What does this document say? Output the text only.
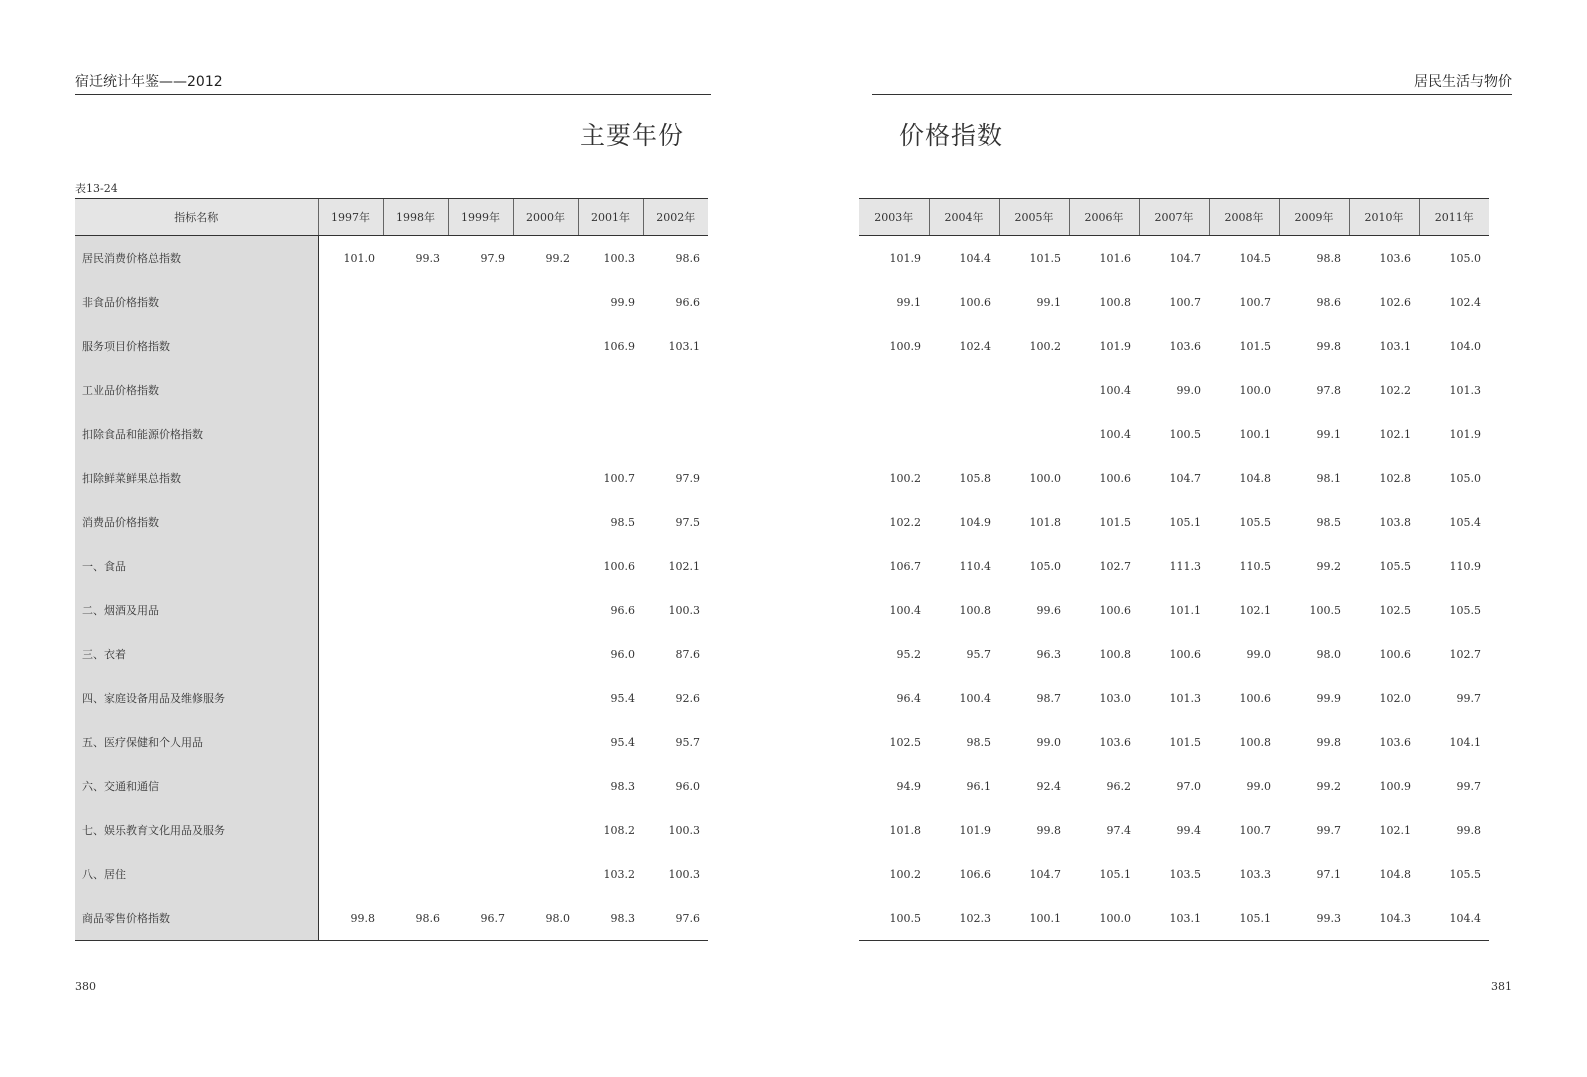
宿迁统计年鉴——2012
主要年份
表13-24
指标名称	1997年	1998年	1999年	2000年	2001年	2002年
居民消费价格总指数	101.0	99.3	97.9	99.2	100.3	98.6
非食品价格指数					99.9	96.6
服务项目价格指数					106.9	103.1
工业品价格指数						
扣除食品和能源价格指数						
扣除鲜菜鲜果总指数					100.7	97.9
消费品价格指数					98.5	97.5
一、食品					100.6	102.1
二、烟酒及用品					96.6	100.3
三、衣着					96.0	87.6
四、家庭设备用品及维修服务					95.4	92.6
五、医疗保健和个人用品					95.4	95.7
六、交通和通信					98.3	96.0
七、娱乐教育文化用品及服务					108.2	100.3
八、居住					103.2	100.3
商品零售价格指数	99.8	98.6	96.7	98.0	98.3	97.6
380
居民生活与物价
价格指数
2003年	2004年	2005年	2006年	2007年	2008年	2009年	2010年	2011年
101.9	104.4	101.5	101.6	104.7	104.5	98.8	103.6	105.0
99.1	100.6	99.1	100.8	100.7	100.7	98.6	102.6	102.4
100.9	102.4	100.2	101.9	103.6	101.5	99.8	103.1	104.0
			100.4	99.0	100.0	97.8	102.2	101.3
			100.4	100.5	100.1	99.1	102.1	101.9
100.2	105.8	100.0	100.6	104.7	104.8	98.1	102.8	105.0
102.2	104.9	101.8	101.5	105.1	105.5	98.5	103.8	105.4
106.7	110.4	105.0	102.7	111.3	110.5	99.2	105.5	110.9
100.4	100.8	99.6	100.6	101.1	102.1	100.5	102.5	105.5
95.2	95.7	96.3	100.8	100.6	99.0	98.0	100.6	102.7
96.4	100.4	98.7	103.0	101.3	100.6	99.9	102.0	99.7
102.5	98.5	99.0	103.6	101.5	100.8	99.8	103.6	104.1
94.9	96.1	92.4	96.2	97.0	99.0	99.2	100.9	99.7
101.8	101.9	99.8	97.4	99.4	100.7	99.7	102.1	99.8
100.2	106.6	104.7	105.1	103.5	103.3	97.1	104.8	105.5
100.5	102.3	100.1	100.0	103.1	105.1	99.3	104.3	104.4
381
